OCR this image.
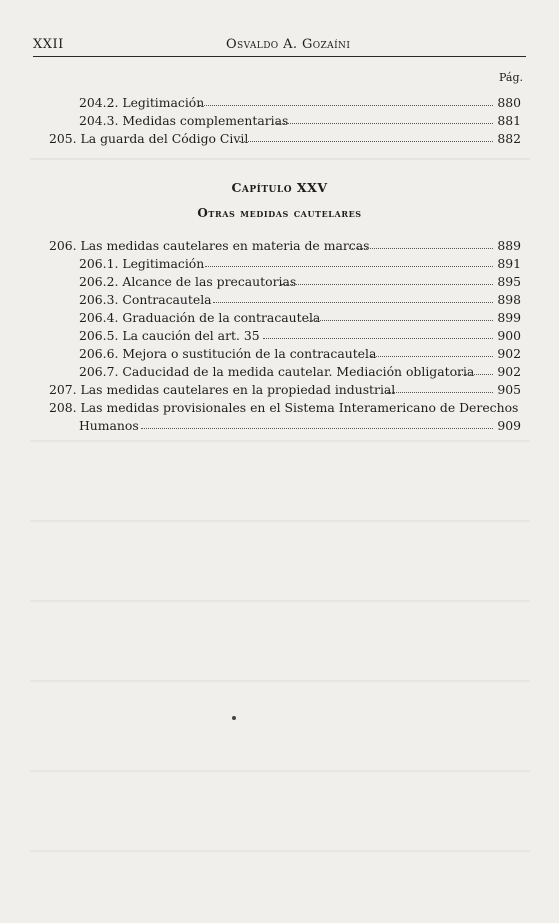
XXII	Osvaldo A. Gozaíni
Pág.
204.2. Legitimación	880
204.3. Medidas complementarias	881
205. La guarda del Código Civil	882
Capítulo XXV
Otras medidas cautelares
206. Las medidas cautelares en materia de marcas	889
206.1. Legitimación	891
206.2. Alcance de las precautorias	895
206.3. Contracautela	898
206.4. Graduación de la contracautela	899
206.5. La caución del art. 35	900
206.6. Mejora o sustitución de la contracautela	902
206.7. Caducidad de la medida cautelar. Mediación obligatoria 902
207. Las medidas cautelares en la propiedad industrial	905
208. Las medidas provisionales en el Sistema Interamericano de Derechos
Humanos	909
